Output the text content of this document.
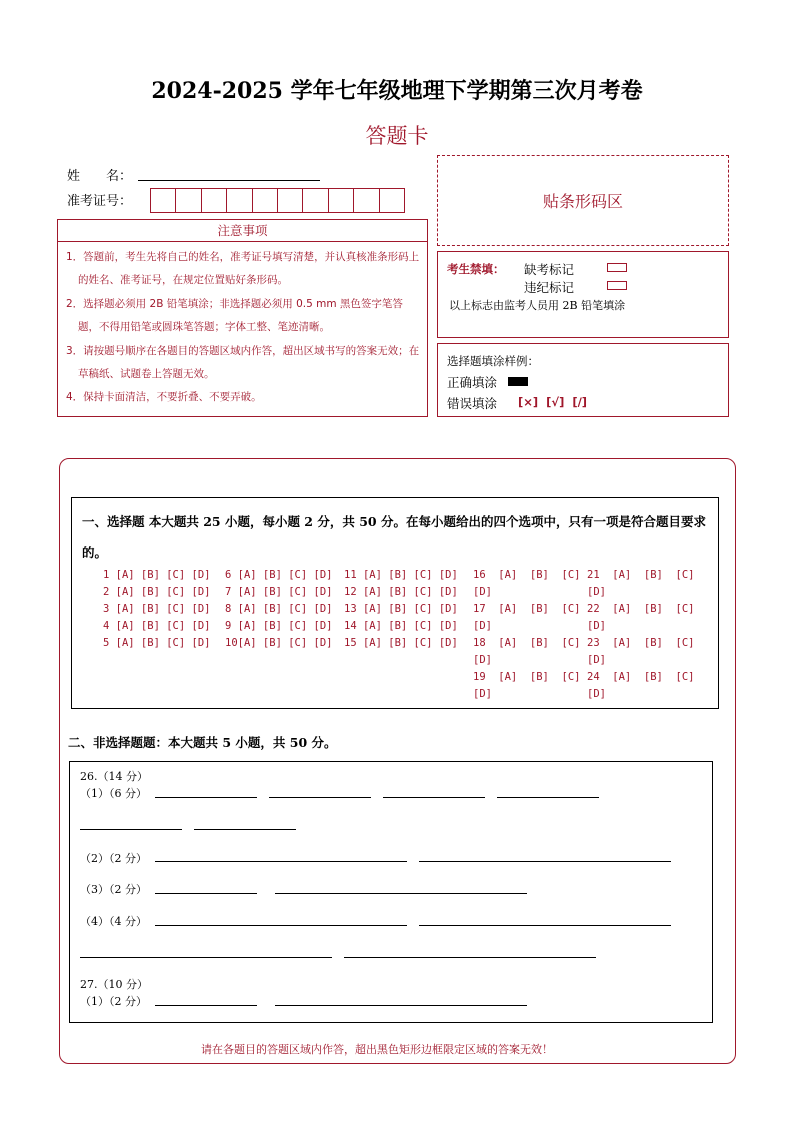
2024-2025 学年七年级地理下学期第三次月考卷
答题卡
姓　　名：
准考证号：	贴条形码区
注意事项
1．答题前，考生先将自己的姓名，准考证号填写清楚，并认真核准条形码上的姓名、准考证号，在规定位置贴好条形码。
2．选择题必须用 2B 铅笔填涂；非选择题必须用 0.5 mm 黑色签字笔答题，不得用铅笔或圆珠笔答题；字体工整、笔迹清晰。
3．请按题号顺序在各题目的答题区域内作答，超出区域书写的答案无效；在草稿纸、试题卷上答题无效。
4．保持卡面清洁，不要折叠、不要弄破。
考生禁填： 缺考标记
违纪标记
以上标志由监考人员用 2B 铅笔填涂
选择题填涂样例：
正确填涂
错误填涂 [×]  [√]  [/]
一、选择题 本大题共 25 小题，每小题 2 分，共 50 分。在每小题给出的四个选项中，只有一项是符合题目要求的。
1 [A] [B] [C] [D]
2 [A] [B] [C] [D]
3 [A] [B] [C] [D]
4 [A] [B] [C] [D]
5 [A] [B] [C] [D]
6 [A] [B] [C] [D]
7 [A] [B] [C] [D]
8 [A] [B] [C] [D]
9 [A] [B] [C] [D]
10[A] [B] [C] [D]
11 [A] [B] [C] [D]
12 [A] [B] [C] [D]
13 [A] [B] [C] [D]
14 [A] [B] [C] [D]
15 [A] [B] [C] [D]
16  [A]  [B]  [C]
[D]
17  [A]  [B]  [C]
[D]
18  [A]  [B]  [C]
[D]
19  [A]  [B]  [C]
[D]
21  [A]  [B]  [C]
[D]
22  [A]  [B]  [C]
[D]
23  [A]  [B]  [C]
[D]
24  [A]  [B]  [C]
[D]
二、非选择题题：本大题共 5 小题，共 50 分。
26.（14 分）
（1）（6 分）
（2）（2 分）
（3）（2 分）
（4）（4 分）
27.（10 分）
（1）（2 分）
请在各题目的答题区域内作答，超出黑色矩形边框限定区域的答案无效！
